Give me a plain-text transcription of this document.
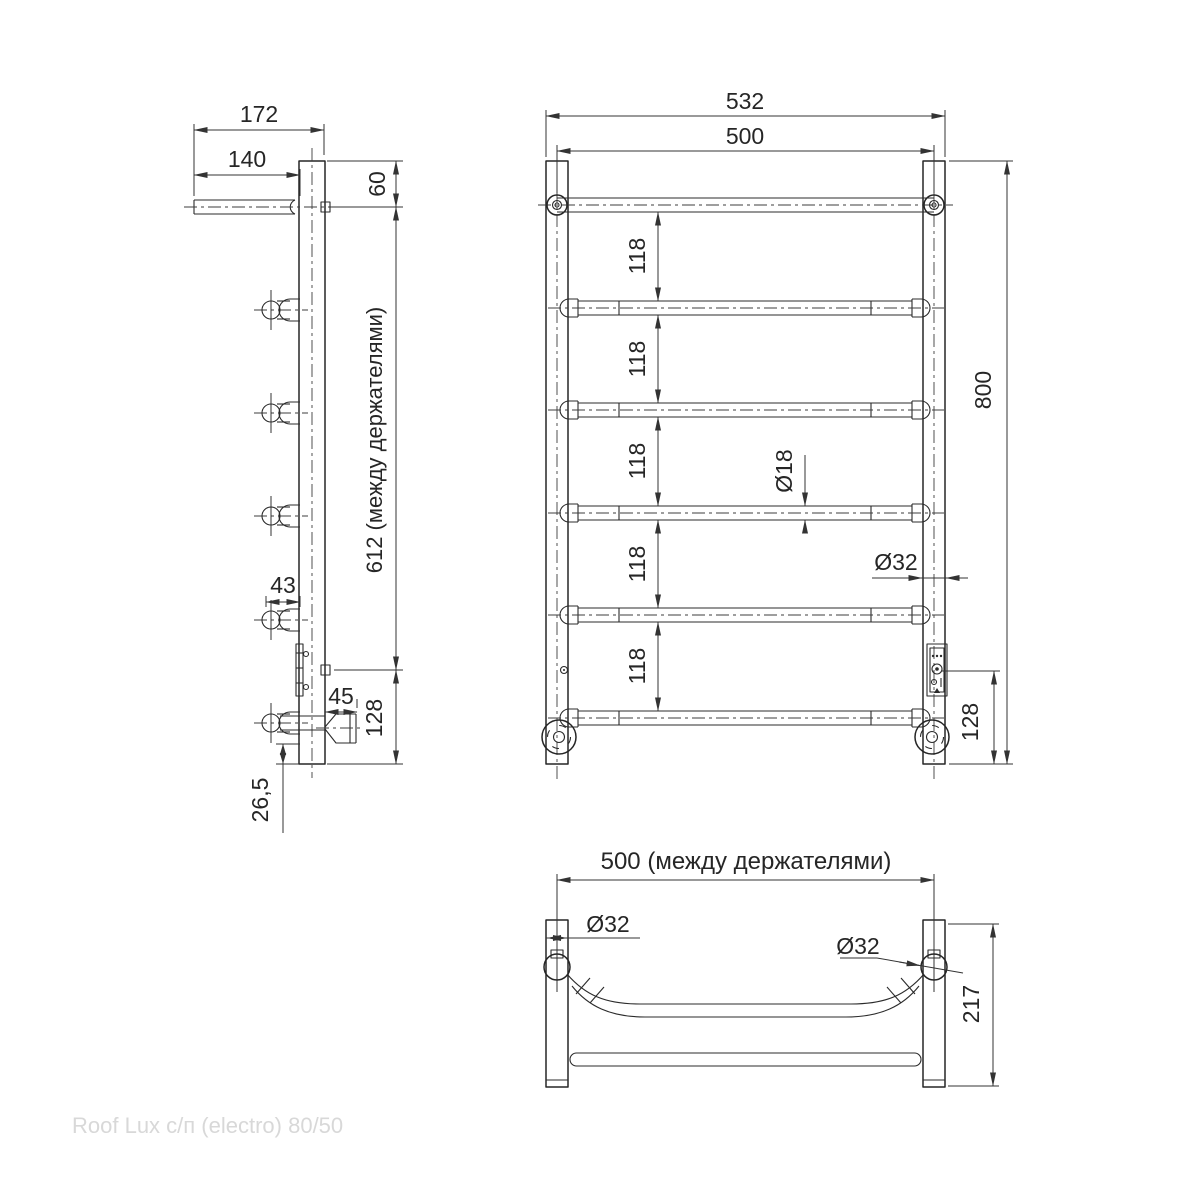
172
140
60
43
612 (между держателями)
128
45
26,5
532
500
118
118
118
118
118
Ø18
Ø32
800
128
500 (между держателями)
Ø32
Ø32
217
Roof Lux с/п (electro) 80/50
